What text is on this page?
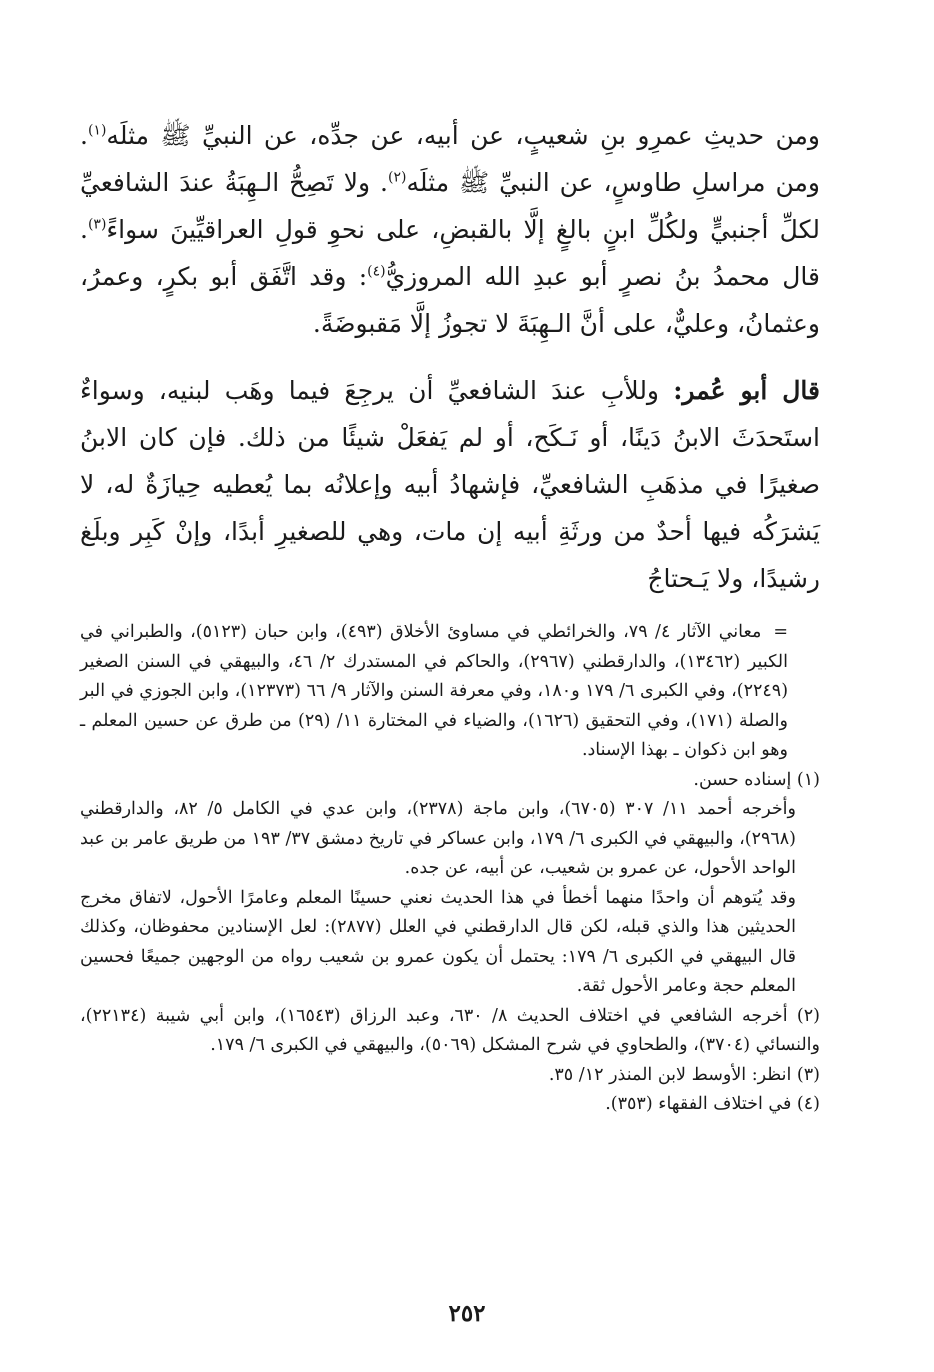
ومن حديثِ عمرِو بنِ شعيبٍ، عن أبيه، عن جدِّه، عن النبيِّ ﷺ مثلَه$^{(١)}$. ومن مراسلِ طاوسٍ، عن النبيِّ ﷺ مثلَه$^{(٢)}$. ولا تَصِحُّ الـهِبَةُ عندَ الشافعيِّ لكلِّ أجنبيٍّ ولكُلِّ ابنٍ بالغٍ إلَّا بالقبضِ، على نحوِ قولِ العراقيِّينَ سواءً$^{(٣)}$. قال محمدُ بنُ نصرٍ أبو عبدِ الله المروزيُّ$^{(٤)}$: وقد اتَّفَق أبو بكرٍ، وعمرُ، وعثمانُ، وعليٌّ، على أنَّ الـهِبَةَ لا تجوزُ إلَّا مَقبوضَةً.

قال أبو عُمر: وللأبِ عندَ الشافعيِّ أن يرجِعَ فيما وهَب لبنيه، وسواءٌ استَحدَثَ الابنُ دَينًا، أو نَـكَح، أو لم يَفعَلْ شيئًا من ذلك. فإن كان الابنُ صغيرًا في مذهَبِ الشافعيِّ، فإشهادُ أبيه وإعلانُه بما يُعطيه حِيازَةٌ له، لا يَشرَكُه فيها أحدٌ من ورثَةِ أبيه إن مات، وهي للصغيرِ أبدًا، وإنْ كَبِر وبلَغ رشيدًا، ولا يَـحتاجُ

=معاني الآثار ٤/ ٧٩، والخرائطي في مساوئ الأخلاق (٤٩٣)، وابن حبان (٥١٢٣)، والطبراني في الكبير (١٣٤٦٢)، والدارقطني (٢٩٦٧)، والحاكم في المستدرك ٢/ ٤٦، والبيهقي في السنن الصغير (٢٢٤٩)، وفي الكبرى ٦/ ١٧٩ و١٨٠، وفي معرفة السنن والآثار ٩/ ٦٦ (١٢٣٧٣)، وابن الجوزي في البر والصلة (١٧١)، وفي التحقيق (١٦٢٦)، والضياء في المختارة ١١/ (٢٩) من طرق عن حسين المعلم ـ وهو ابن ذكوان ـ بهذا الإسناد.

(١) إسناده حسن.

وأخرجه أحمد ١١/ ٣٠٧ (٦٧٠٥)، وابن ماجة (٢٣٧٨)، وابن عدي في الكامل ٥/ ٨٢، والدارقطني (٢٩٦٨)، والبيهقي في الكبرى ٦/ ١٧٩، وابن عساكر في تاريخ دمشق ٣٧/ ١٩٣ من طريق عامر بن عبد الواحد الأحول، عن عمرو بن شعيب، عن أبيه، عن جده.

وقد يُتوهم أن واحدًا منهما أخطأ في هذا الحديث نعني حسينًا المعلم وعامرًا الأحول، لاتفاق مخرج الحديثين هذا والذي قبله، لكن قال الدارقطني في العلل (٢٨٧٧): لعل الإسنادين محفوظان، وكذلك قال البيهقي في الكبرى ٦/ ١٧٩: يحتمل أن يكون عمرو بن شعيب رواه من الوجهين جميعًا فحسين المعلم حجة وعامر الأحول ثقة.

(٢) أخرجه الشافعي في اختلاف الحديث ٨/ ٦٣٠، وعبد الرزاق (١٦٥٤٣)، وابن أبي شيبة (٢٢١٣٤)، والنسائي (٣٧٠٤)، والطحاوي في شرح المشكل (٥٠٦٩)، والبيهقي في الكبرى ٦/ ١٧٩.

(٣) انظر: الأوسط لابن المنذر ١٢/ ٣٥.

(٤) في اختلاف الفقهاء (٣٥٣).

٢٥٢
